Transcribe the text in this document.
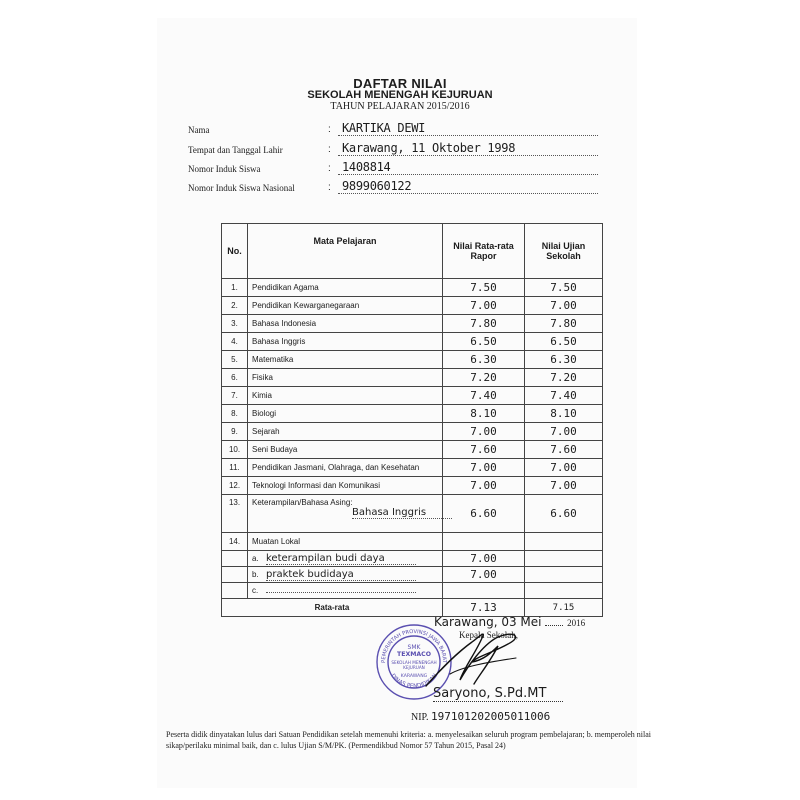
DAFTAR NILAI
SEKOLAH MENENGAH KEJURUAN
TAHUN PELAJARAN 2015/2016
Nama	: KARTIKA DEWI
Tempat dan Tanggal Lahir	: Karawang, 11 Oktober 1998
Nomor Induk Siswa	: 1408814
Nomor Induk Siswa Nasional	: 9899060122
No.	Mata Pelajaran	Nilai Rata-rata Rapor	Nilai Ujian Sekolah
1.	Pendidikan Agama	7.50	7.50
2.	Pendidikan Kewarganegaraan	7.00	7.00
3.	Bahasa Indonesia	7.80	7.80
4.	Bahasa Inggris	6.50	6.50
5.	Matematika	6.30	6.30
6.	Fisika	7.20	7.20
7.	Kimia	7.40	7.40
8.	Biologi	8.10	8.10
9.	Sejarah	7.00	7.00
10.	Seni Budaya	7.60	7.60
11.	Pendidikan Jasmani, Olahraga, dan Kesehatan	7.00	7.00
12.	Teknologi Informasi dan Komunikasi	7.00	7.00
13.	Keterampilan/Bahasa Asing:
Bahasa Inggris	6.60	6.60
14.	Muatan Lokal		
	a. keterampilan budi daya	7.00	
	b. praktek budidaya	7.00	
	c.		
Rata-rata		7.13	7.15
PEMERINTAH PROVINSI JAWA BARAT
DINAS PENDIDIKAN
SMK
TEXMACO
SEKOLAH MENENGAH
KEJURUAN
KARAWANG
Karawang, 03 Mei	2016
Kepala Sekolah,
Saryono, S.Pd.MT
NIP. 197101202005011006
Peserta didik dinyatakan lulus dari Satuan Pendidikan setelah memenuhi kriteria: a. menyelesaikan seluruh program pembelajaran; b. memperoleh nilai sikap/perilaku minimal baik, dan c. lulus Ujian S/M/PK. (Permendikbud Nomor 57 Tahun 2015, Pasal 24)
